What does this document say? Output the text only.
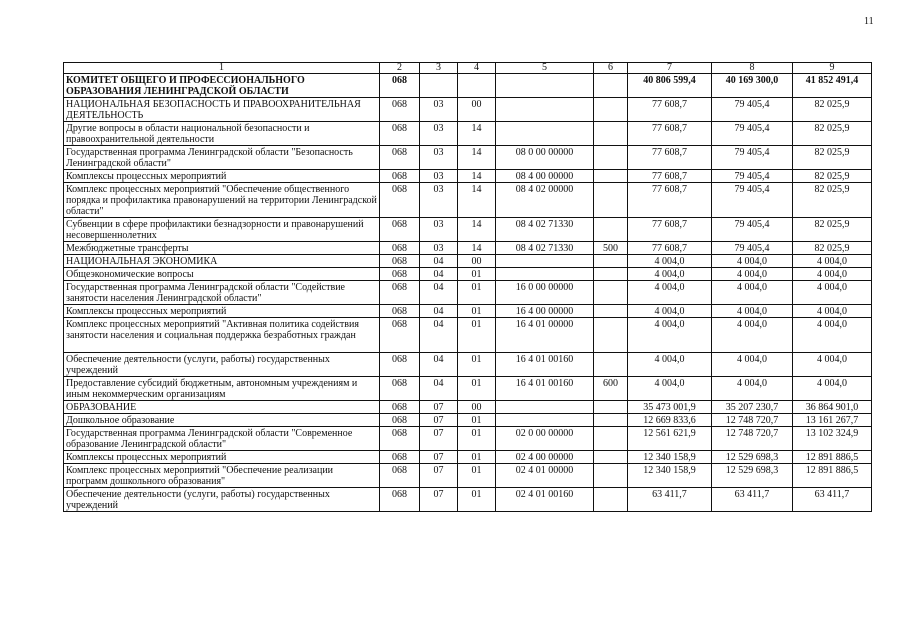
11
1	2	3	4	5	6	7	8	9
КОМИТЕТ ОБЩЕГО И ПРОФЕССИОНАЛЬНОГО ОБРАЗОВАНИЯ ЛЕНИНГРАДСКОЙ ОБЛАСТИ	068					40 806 599,4	40 169 300,0	41 852 491,4
НАЦИОНАЛЬНАЯ БЕЗОПАСНОСТЬ И ПРАВООХРАНИТЕЛЬНАЯ ДЕЯТЕЛЬНОСТЬ	068	03	00			77 608,7	79 405,4	82 025,9
Другие вопросы в области национальной безопасности и правоохранительной деятельности	068	03	14			77 608,7	79 405,4	82 025,9
Государственная программа Ленинградской области "Безопасность Ленинградской области"	068	03	14	08 0 00 00000		77 608,7	79 405,4	82 025,9
Комплексы процессных мероприятий	068	03	14	08 4 00 00000		77 608,7	79 405,4	82 025,9
Комплекс процессных мероприятий "Обеспечение общественного порядка и профилактика правонарушений на территории Ленинградской области"	068	03	14	08 4 02 00000		77 608,7	79 405,4	82 025,9
Субвенции в сфере профилактики безнадзорности и правонарушений несовершеннолетних	068	03	14	08 4 02 71330		77 608,7	79 405,4	82 025,9
Межбюджетные трансферты	068	03	14	08 4 02 71330	500	77 608,7	79 405,4	82 025,9
НАЦИОНАЛЬНАЯ ЭКОНОМИКА	068	04	00			4 004,0	4 004,0	4 004,0
Общеэкономические вопросы	068	04	01			4 004,0	4 004,0	4 004,0
Государственная программа Ленинградской области "Содействие занятости населения Ленинградской области"	068	04	01	16 0 00 00000		4 004,0	4 004,0	4 004,0
Комплексы процессных мероприятий	068	04	01	16 4 00 00000		4 004,0	4 004,0	4 004,0
Комплекс процессных мероприятий "Активная политика содействия занятости населения и социальная поддержка безработных граждан	068	04	01	16 4 01 00000		4 004,0	4 004,0	4 004,0
Обеспечение деятельности (услуги, работы) государственных учреждений	068	04	01	16 4 01 00160		4 004,0	4 004,0	4 004,0
Предоставление субсидий бюджетным, автономным учреждениям и иным некоммерческим организациям	068	04	01	16 4 01 00160	600	4 004,0	4 004,0	4 004,0
ОБРАЗОВАНИЕ	068	07	00			35 473 001,9	35 207 230,7	36 864 901,0
Дошкольное образование	068	07	01			12 669 833,6	12 748 720,7	13 161 267,7
Государственная программа Ленинградской области "Современное образование Ленинградской области"	068	07	01	02 0 00 00000		12 561 621,9	12 748 720,7	13 102 324,9
Комплексы процессных мероприятий	068	07	01	02 4 00 00000		12 340 158,9	12 529 698,3	12 891 886,5
Комплекс процессных мероприятий "Обеспечение реализации программ дошкольного образования"	068	07	01	02 4 01 00000		12 340 158,9	12 529 698,3	12 891 886,5
Обеспечение деятельности (услуги, работы) государственных учреждений	068	07	01	02 4 01 00160		63 411,7	63 411,7	63 411,7
